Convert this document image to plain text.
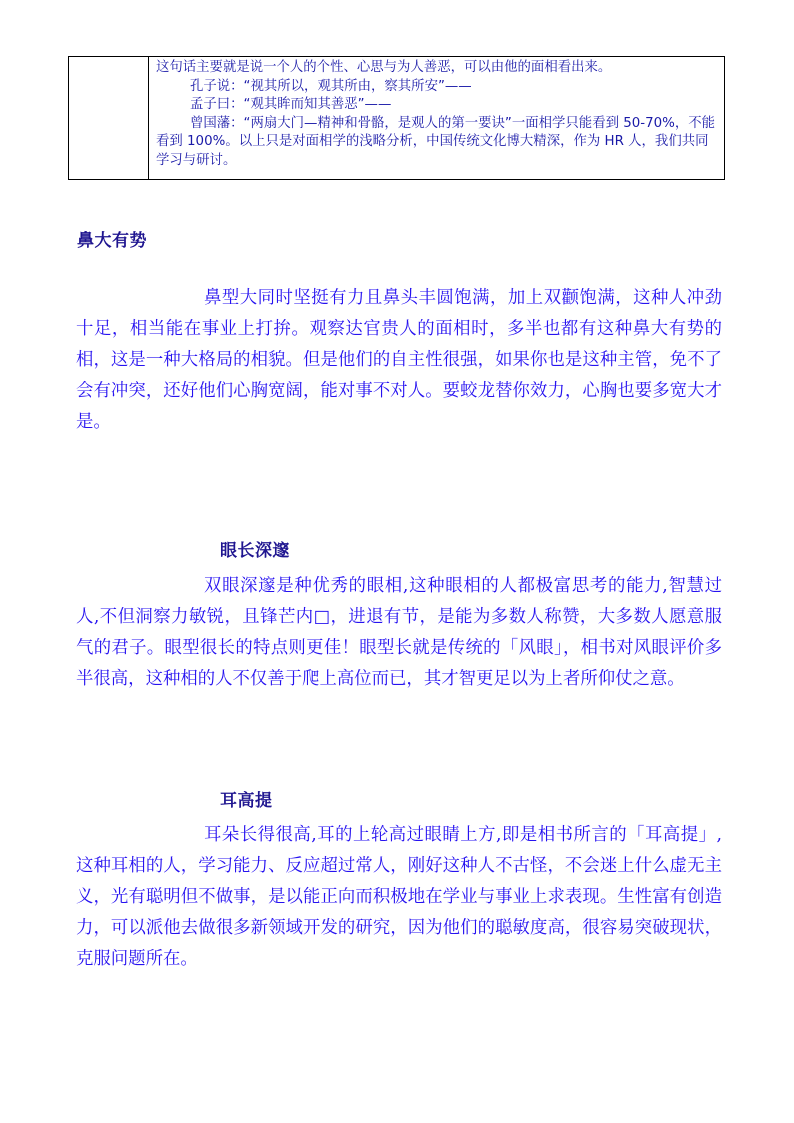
这句话主要就是说一个人的个性、心思与为人善恶，可以由他的面相看出来。
孔子说：“视其所以，观其所由，察其所安”——
孟子曰：“观其眸而知其善恶”——
曾国藩：“两扇大门—精神和骨骼，是观人的第一要诀”一面相学只能看到 50-70%，不能看到 100%。以上只是对面相学的浅略分析，中国传统文化博大精深，作为 HR 人，我们共同学习与研讨。
鼻大有势

鼻型大同时坚挺有力且鼻头丰圆饱满，加上双颧饱满，这种人冲劲十足，相当能在事业上打拚。观察达官贵人的面相时，多半也都有这种鼻大有势的相，这是一种大格局的相貌。但是他们的自主性很强，如果你也是这种主管，免不了会有冲突，还好他们心胸宽阔，能对事不对人。要蛟龙替你效力，心胸也要多宽大才是。

眼长深邃

双眼深邃是种优秀的眼相,这种眼相的人都极富思考的能力,智慧过人,不但洞察力敏锐，且锋芒内□，进退有节，是能为多数人称赞，大多数人愿意服气的君子。眼型很长的特点则更佳！眼型长就是传统的「风眼」，相书对风眼评价多半很高，这种相的人不仅善于爬上高位而已，其才智更足以为上者所仰仗之意。

耳高提

耳朵长得很高,耳的上轮高过眼睛上方,即是相书所言的「耳高提」,这种耳相的人，学习能力、反应超过常人，刚好这种人不古怪，不会迷上什么虚无主义，光有聪明但不做事，是以能正向而积极地在学业与事业上求表现。生性富有创造力，可以派他去做很多新领域开发的研究，因为他们的聪敏度高，很容易突破现状，克服问题所在。
